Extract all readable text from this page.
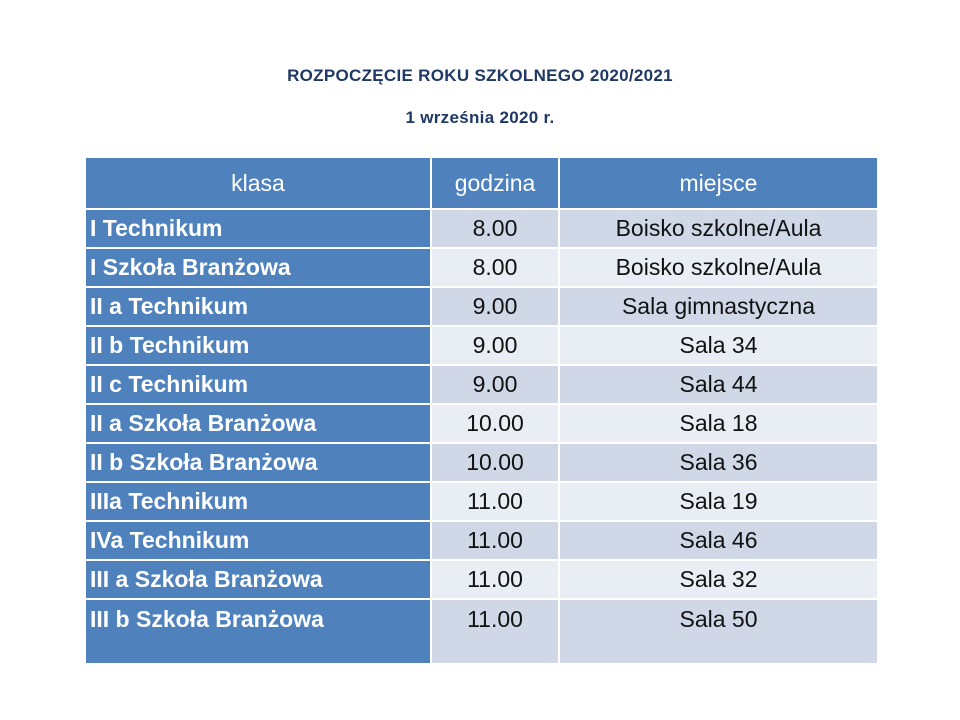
ROZPOCZĘCIE ROKU SZKOLNEGO 2020/2021
1 września 2020 r.
klasa	godzina	miejsce
I Technikum	8.00	Boisko szkolne/Aula
I Szkoła Branżowa	8.00	Boisko szkolne/Aula
II a Technikum	9.00	Sala gimnastyczna
II b Technikum	9.00	Sala 34
II c Technikum	9.00	Sala 44
II a Szkoła Branżowa	10.00	Sala 18
II b Szkoła Branżowa	10.00	Sala 36
IIIa Technikum	11.00	Sala 19
IVa Technikum	11.00	Sala 46
III a Szkoła Branżowa	11.00	Sala 32
III b Szkoła Branżowa	11.00	Sala 50
